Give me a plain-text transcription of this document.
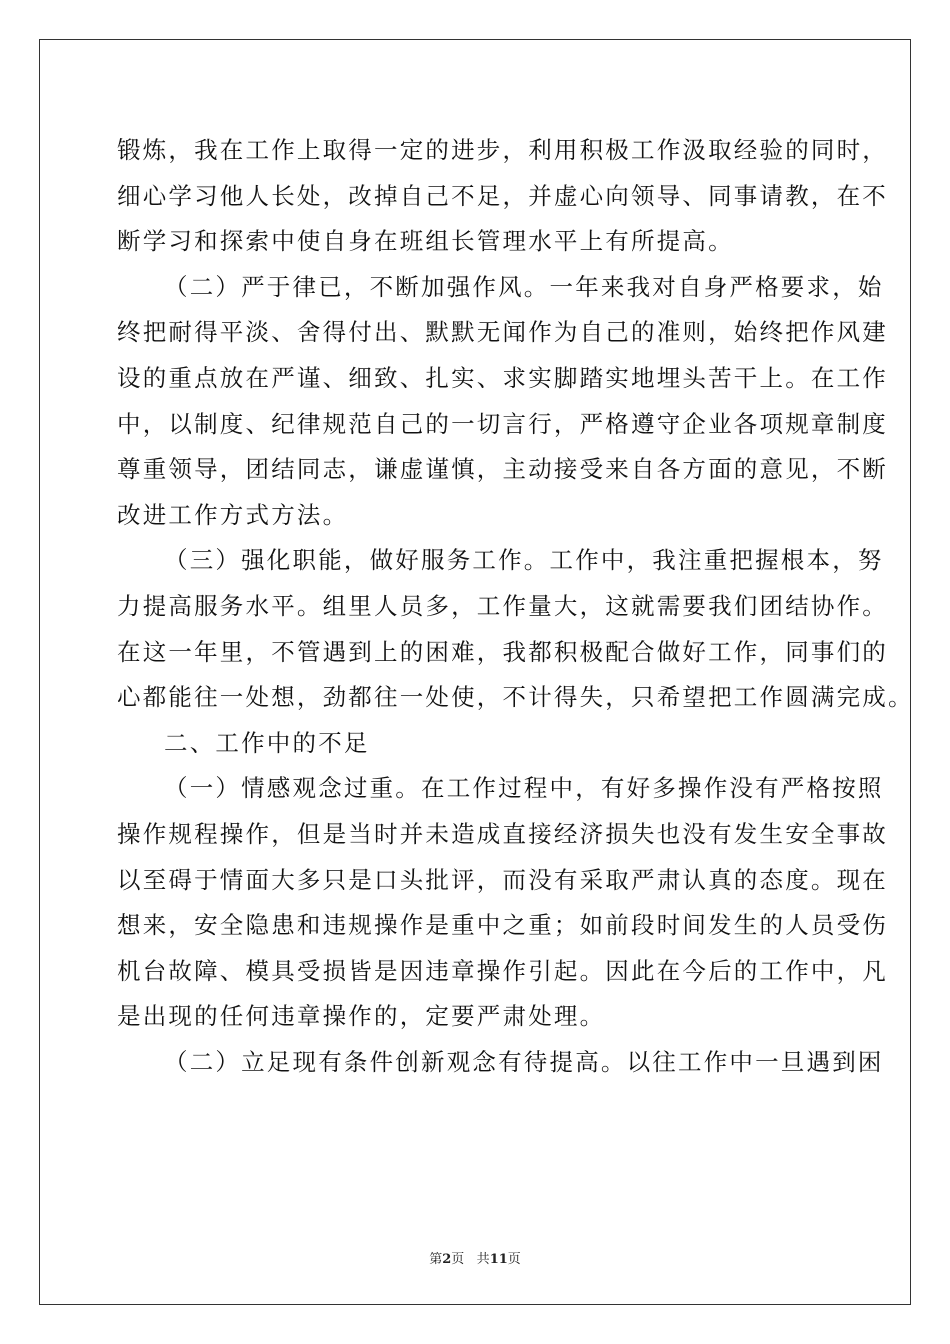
锻炼，我在工作上取得一定的进步，利用积极工作汲取经验的同时，
细心学习他人长处，改掉自己不足，并虚心向领导、同事请教，在不
断学习和探索中使自身在班组长管理水平上有所提高。
（二）严于律已，不断加强作风。一年来我对自身严格要求，始
终把耐得平淡、舍得付出、默默无闻作为自己的准则，始终把作风建
设的重点放在严谨、细致、扎实、求实脚踏实地埋头苦干上。在工作
中，以制度、纪律规范自己的一切言行，严格遵守企业各项规章制度
尊重领导，团结同志，谦虚谨慎，主动接受来自各方面的意见，不断
改进工作方式方法。
（三）强化职能，做好服务工作。工作中，我注重把握根本，努
力提高服务水平。组里人员多，工作量大，这就需要我们团结协作。
在这一年里，不管遇到上的困难，我都积极配合做好工作，同事们的
心都能往一处想，劲都往一处使，不计得失，只希望把工作圆满完成。
二、工作中的不足
（一）情感观念过重。在工作过程中，有好多操作没有严格按照
操作规程操作，但是当时并未造成直接经济损失也没有发生安全事故
以至碍于情面大多只是口头批评，而没有采取严肃认真的态度。现在
想来，安全隐患和违规操作是重中之重；如前段时间发生的人员受伤
机台故障、模具受损皆是因违章操作引起。因此在今后的工作中，凡
是出现的任何违章操作的，定要严肃处理。
（二）立足现有条件创新观念有待提高。以往工作中一旦遇到困
第2页 共11页
